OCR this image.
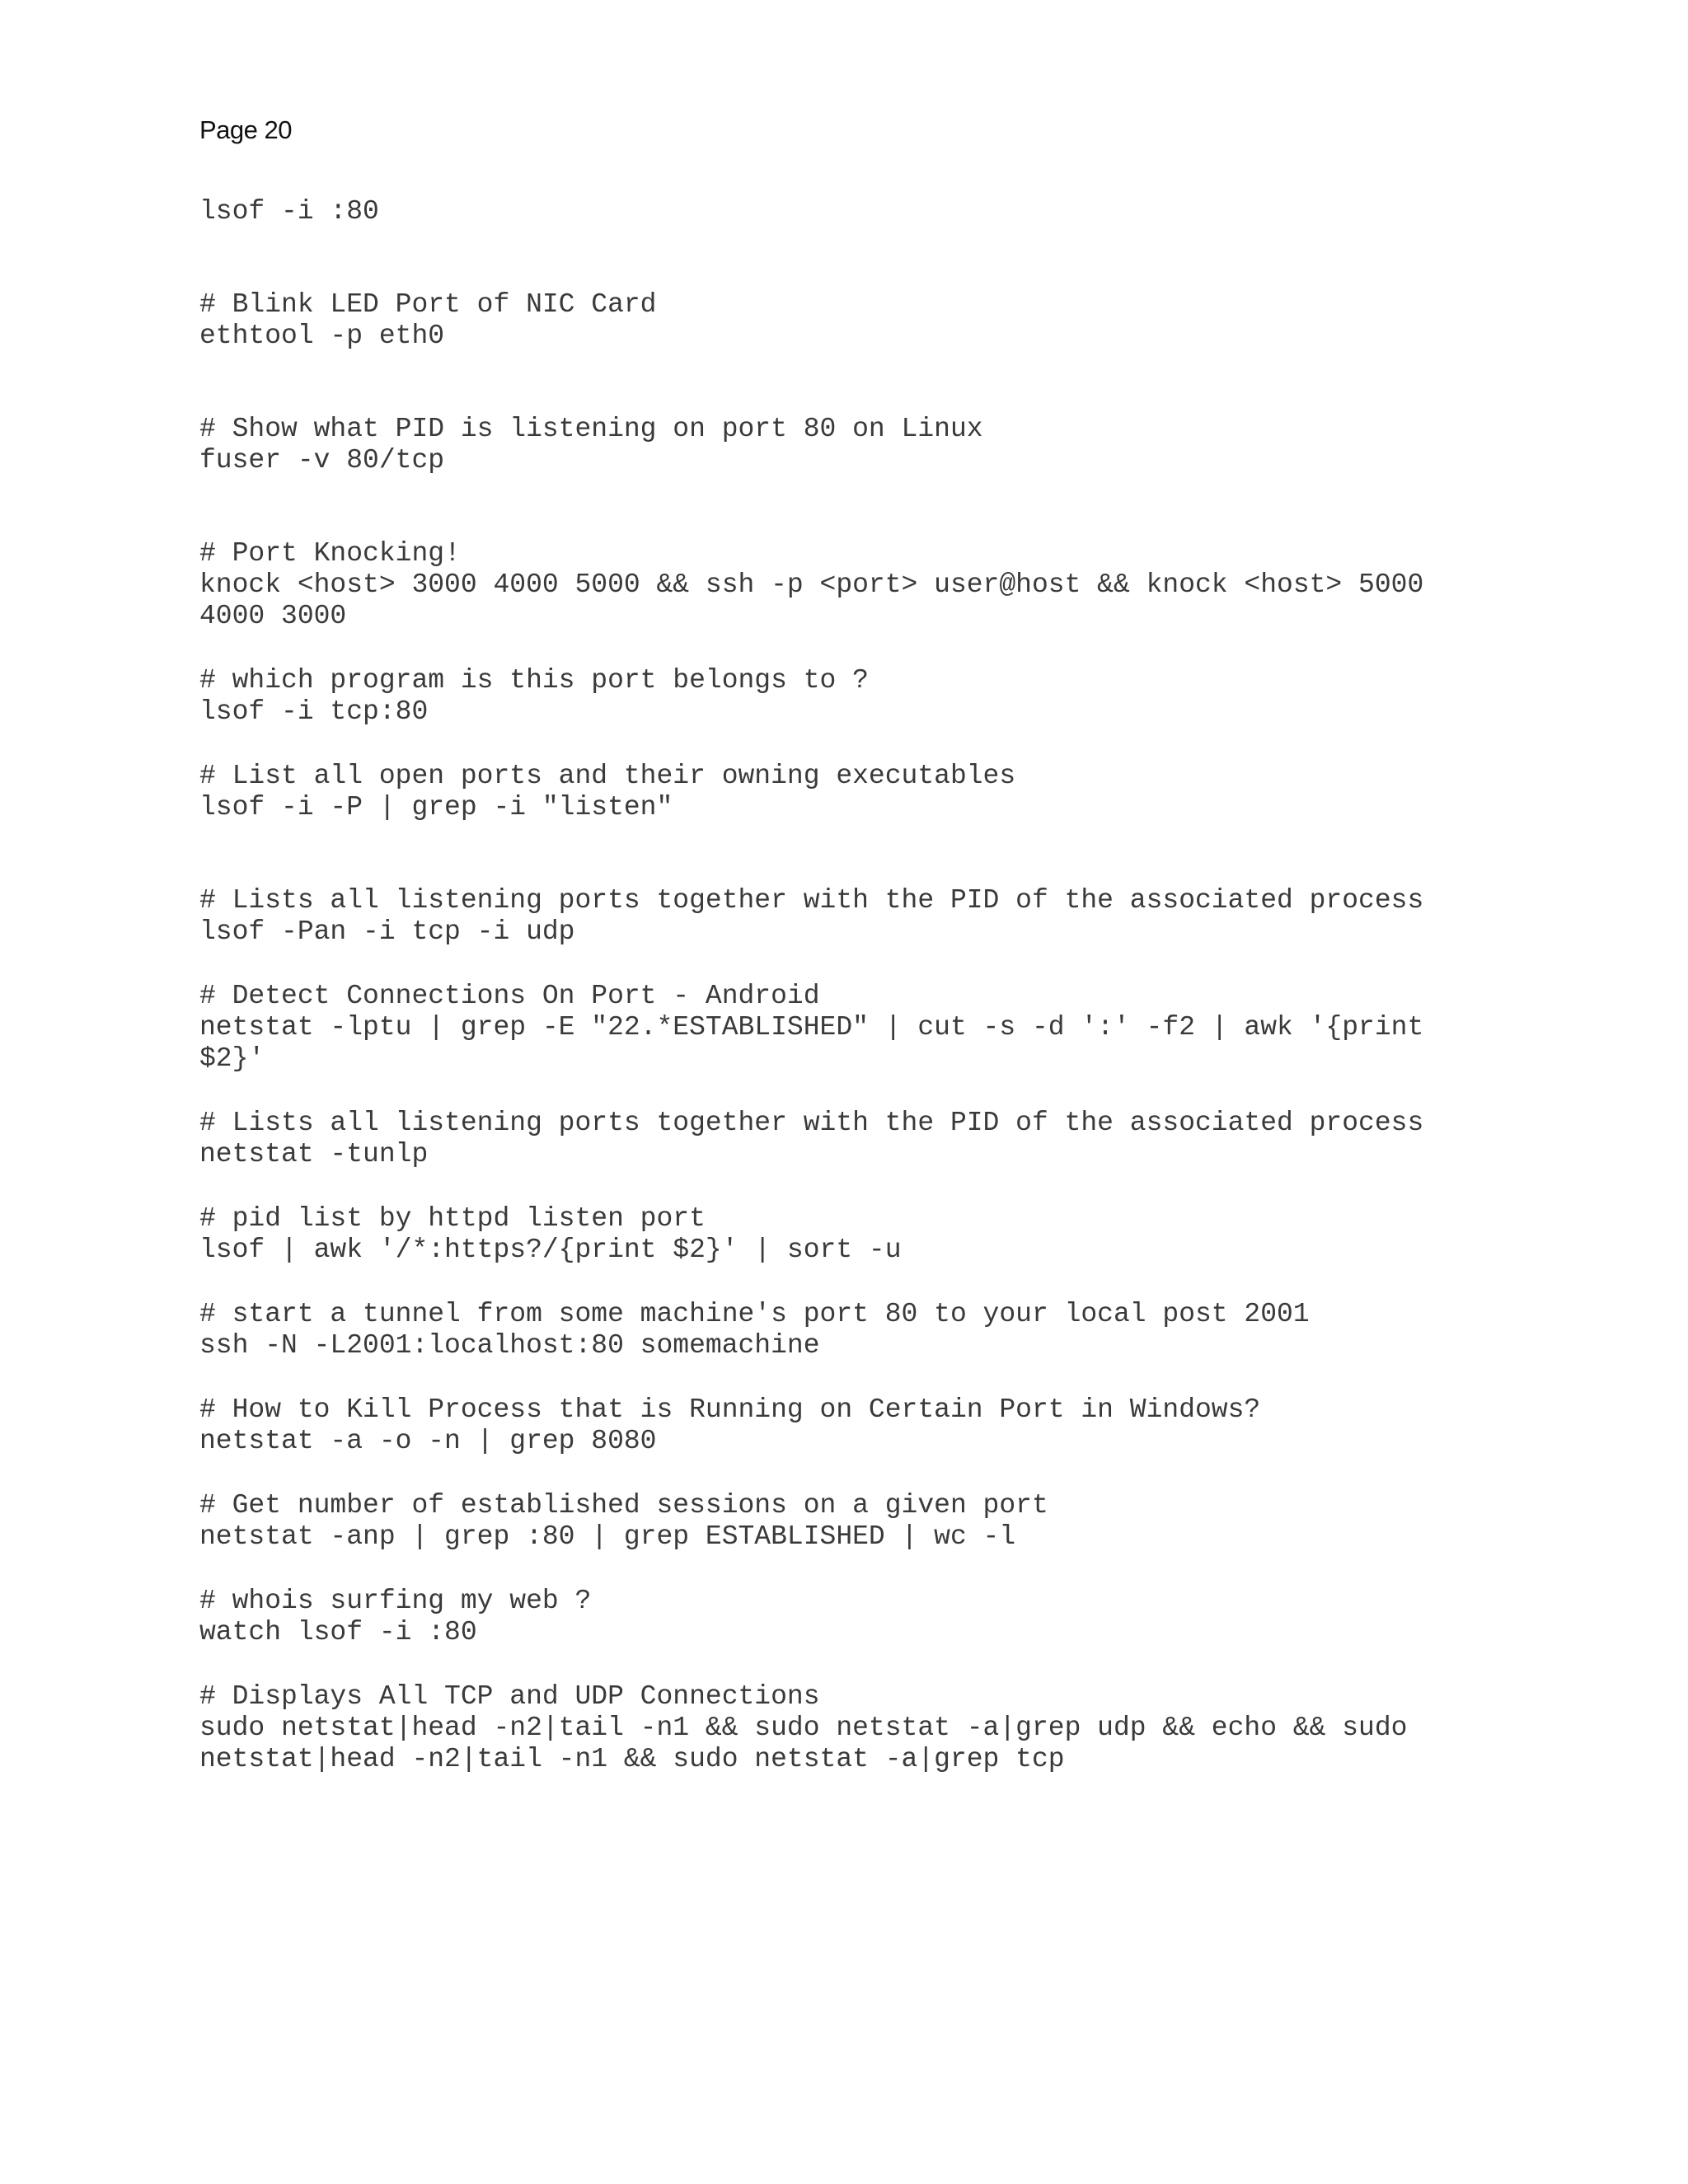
Page 20
lsof -i :80
# Blink LED Port of NIC Card
ethtool -p eth0
# Show what PID is listening on port 80 on Linux
fuser -v 80/tcp
# Port Knocking!
knock <host> 3000 4000 5000 && ssh -p <port> user@host && knock <host> 5000
4000 3000
# which program is this port belongs to ?
lsof -i tcp:80
# List all open ports and their owning executables
lsof -i -P | grep -i "listen"
# Lists all listening ports together with the PID of the associated process
lsof -Pan -i tcp -i udp
# Detect Connections On Port - Android
netstat -lptu | grep -E "22.*ESTABLISHED" | cut -s -d ':' -f2 | awk '{print
$2}'
# Lists all listening ports together with the PID of the associated process
netstat -tunlp
# pid list by httpd listen port
lsof | awk '/*:https?/{print $2}' | sort -u
# start a tunnel from some machine's port 80 to your local post 2001
ssh -N -L2001:localhost:80 somemachine
# How to Kill Process that is Running on Certain Port in Windows?
netstat -a -o -n | grep 8080
# Get number of established sessions on a given port
netstat -anp | grep :80 | grep ESTABLISHED | wc -l
# whois surfing my web ?
watch lsof -i :80
# Displays All TCP and UDP Connections
sudo netstat|head -n2|tail -n1 && sudo netstat -a|grep udp && echo && sudo
netstat|head -n2|tail -n1 && sudo netstat -a|grep tcp
